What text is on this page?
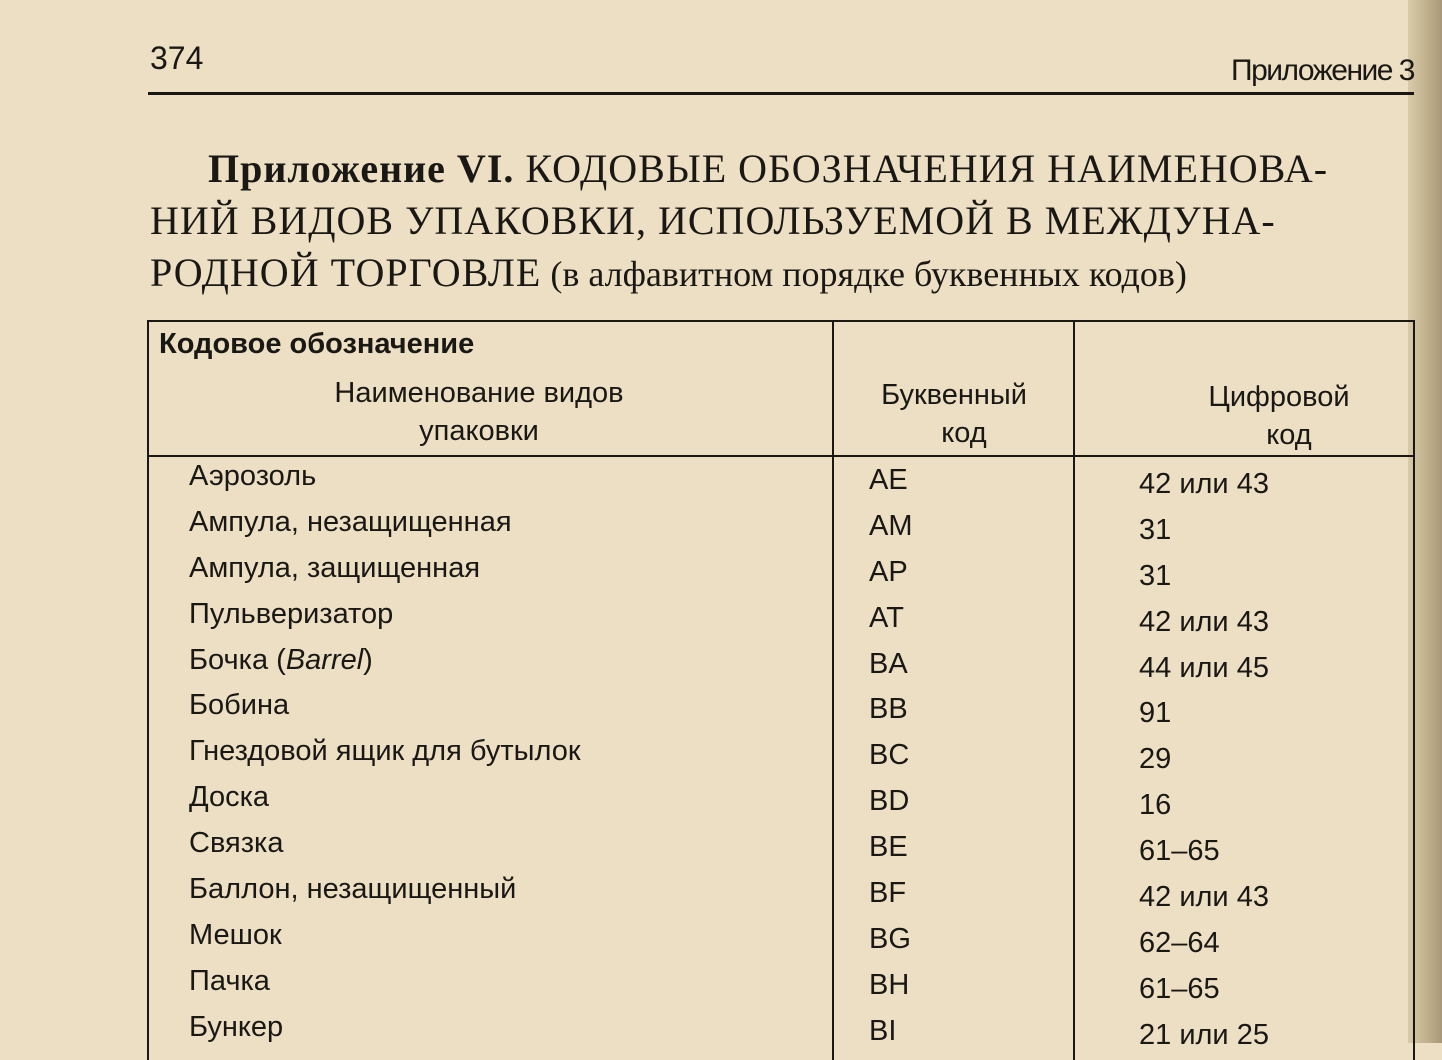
374	Приложение 3
Приложение VI. КОДОВЫЕ ОБОЗНАЧЕНИЯ НАИМЕНОВА-
НИЙ ВИДОВ УПАКОВКИ, ИСПОЛЬЗУЕМОЙ В МЕЖДУНА-
РОДНОЙ ТОРГОВЛЕ (в алфавитном порядке буквенных кодов)
Кодовое обозначение
Наименование видов
упаковки
Буквенный
код
Цифровой
код
Аэрозоль	AE	42 или 43
Ампула, незащищенная	AM	31
Ампула, защищенная	AP	31
Пульверизатор	AT	42 или 43
Бочка (Barrel)	BA	44 или 45
Бобина	BB	91
Гнездовой ящик для бутылок	BC	29
Доска	BD	16
Связка	BE	61–65
Баллон, незащищенный	BF	42 или 43
Мешок	BG	62–64
Пачка	BH	61–65
Бункер	BI	21 или 25
